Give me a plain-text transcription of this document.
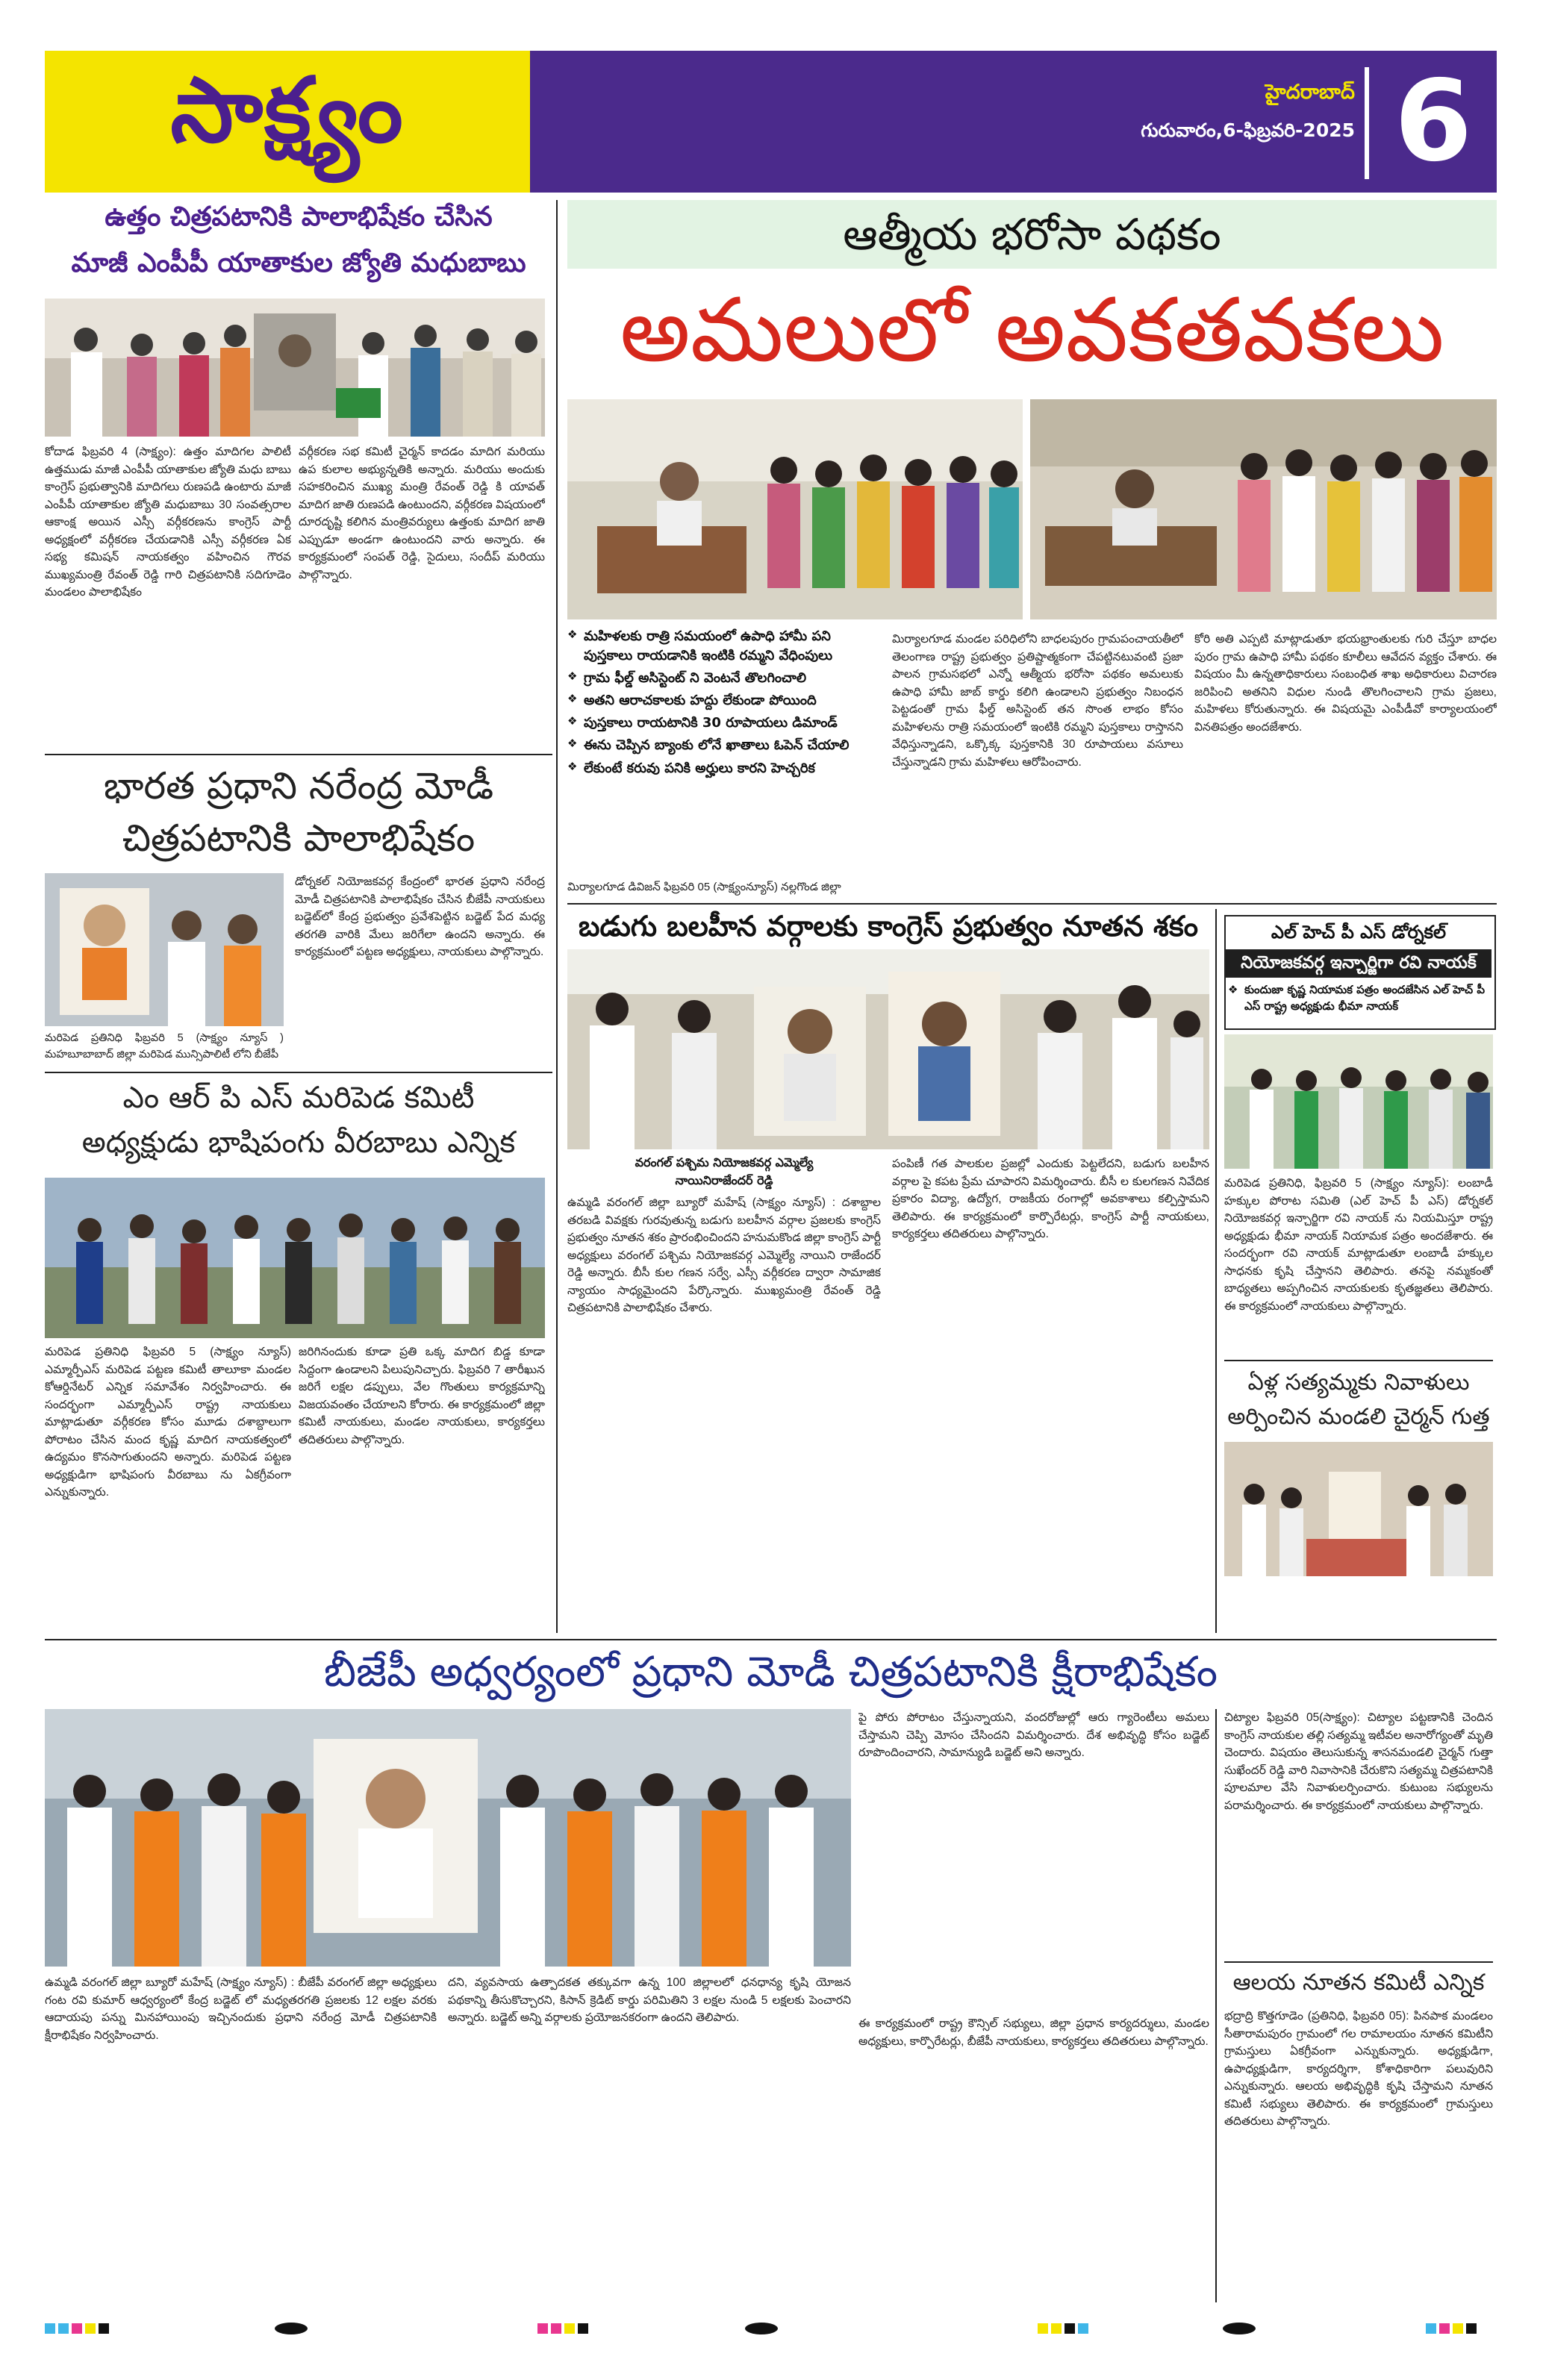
సాక్ష్యం	హైదరాబాద్
గురువారం,6-ఫిబ్రవరి-2025 6
ఉత్తం చిత్రపటానికి పాలాభిషేకం చేసిన
మాజీ ఎంపీపీ యాతాకుల జ్యోతి మధుబాబు
కోదాడ ఫిబ్రవరి 4 (సాక్ష్యం): ఉత్తం మాదిగల పాలిటీ ఉత్తముడు మాజీ ఎంపీపీ యాతాకుల జ్యోతి మధు బాబు కాంగ్రెస్ ప్రభుత్వానికి మాదిగలు రుణపడి ఉంటారు మాజీ ఎంపీపీ యాతాకుల జ్యోతి మధుబాబు 30 సంవత్సరాల ఆకాంక్ష అయిన ఎస్సీ వర్గీకరణను కాంగ్రెస్ పార్టీ అధ్యక్షంలో వర్గీకరణ చేయడానికి ఎస్సీ వర్గీకరణ ఏక సభ్య కమిషన్ నాయకత్వం వహించిన గౌరవ ముఖ్యమంత్రి రేవంత్ రెడ్డి గారి చిత్రపటానికి సదిగూడెం మండలం పాలాభిషేకం
వర్గీకరణ సభ కమిటీ చైర్మన్ కాదడం మాదిగ మరియు ఉప కులాల అభ్యున్నతికి అన్నారు. మరియు అందుకు సహకరించిన ముఖ్య మంత్రి రేవంత్ రెడ్డి కి యావత్ మాదిగ జాతి రుణపడి ఉంటుందని, వర్గీకరణ విషయంలో దూరదృష్టి కలిగిన మంత్రివర్యులు ఉత్తంకు మాదిగ జాతి ఎప్పుడూ అండగా ఉంటుందని వారు అన్నారు. ఈ కార్యక్రమంలో సంపత్ రెడ్డి, సైదులు, సందీప్ మరియు పాల్గొన్నారు.
భారత ప్రధాని నరేంద్ర మోడీ
చిత్రపటానికి పాలాభిషేకం
మరిపెడ ప్రతినిధి ఫిబ్రవరి 5 (సాక్ష్యం న్యూస్ ) మహబూబాబాద్ జిల్లా మరిపెడ మున్సిపాలిటీ లోని బీజేపీ
డోర్నకల్ నియోజకవర్గ కేంద్రంలో భారత ప్రధాని నరేంద్ర మోడీ చిత్రపటానికి పాలాభిషేకం చేసిన బీజేపీ నాయకులు బడ్జెట్‌లో కేంద్ర ప్రభుత్వం ప్రవేశపెట్టిన బడ్జెట్ పేద మధ్య తరగతి వారికి మేలు జరిగేలా ఉందని అన్నారు. ఈ కార్యక్రమంలో పట్టణ అధ్యక్షులు, నాయకులు పాల్గొన్నారు.
ఎం ఆర్ పి ఎస్ మరిపెడ కమిటీ
అధ్యక్షుడు భాషిపంగు వీరబాబు ఎన్నిక
మరిపెడ ప్రతినిధి ఫిబ్రవరి 5 (సాక్ష్యం న్యూస్) ఎమ్మార్పీఎస్ మరిపెడ పట్టణ కమిటీ తాలూకా మండల కోఆర్డినేటర్ ఎన్నిక సమావేశం నిర్వహించారు. ఈ సందర్భంగా ఎమ్మార్పీఎస్ రాష్ట్ర నాయకులు మాట్లాడుతూ వర్గీకరణ కోసం మూడు దశాబ్దాలుగా పోరాటం చేసిన మంద కృష్ణ మాదిగ నాయకత్వంలో ఉద్యమం కొనసాగుతుందని అన్నారు. మరిపెడ పట్టణ అధ్యక్షుడిగా భాషిపంగు వీరబాబు ను ఏకగ్రీవంగా ఎన్నుకున్నారు.
జరిగినందుకు కూడా ప్రతి ఒక్క మాదిగ బిడ్డ కూడా సిద్దంగా ఉండాలని పిలుపునిచ్చారు. ఫిబ్రవరి 7 తారీఖున జరిగే లక్షల డప్పులు, వేల గొంతులు కార్యక్రమాన్ని విజయవంతం చేయాలని కోరారు. ఈ కార్యక్రమంలో జిల్లా కమిటీ నాయకులు, మండల నాయకులు, కార్యకర్తలు తదితరులు పాల్గొన్నారు.
ఆత్మీయ భరోసా పథకం
అమలులో అవకతవకలు
❖ మహిళలకు రాత్రి సమయంలో ఉపాధి హామీ పని పుస్తకాలు రాయడానికి ఇంటికి రమ్మని వేధింపులు
❖ గ్రామ ఫీల్డ్ అసిస్టెంట్ ని వెంటనే తొలగించాలి
❖ అతని ఆరాచకాలకు హద్దు లేకుండా పోయింది
❖ పుస్తకాలు రాయటానికి 30 రూపాయలు డిమాండ్
❖ ఈను చెప్పిన బ్యాంకు లోనే ఖాతాలు ఓపెన్ చేయాలి
❖ లేకుంటే కరువు పనికి అర్హులు కారని హెచ్చరిక
మిర్యాలగూడ డివిజన్ ఫిబ్రవరి 05 (సాక్ష్యంన్యూస్) నల్లగొండ జిల్లా
మిర్యాలగూడ మండల పరిధిలోని బాధలపురం గ్రామపంచాయతీలో తెలంగాణ రాష్ట్ర ప్రభుత్వం ప్రతిష్టాత్మకంగా చేపట్టినటువంటి ప్రజా పాలన గ్రామసభలో ఎన్నో ఆత్మీయ భరోసా పథకం అమలుకు ఉపాధి హామీ జాబ్ కార్డు కలిగి ఉండాలని ప్రభుత్వం నిబంధన పెట్టడంతో గ్రామ ఫీల్డ్ అసిస్టెంట్ తన సొంత లాభం కోసం మహిళలను రాత్రి సమయంలో ఇంటికి రమ్మని పుస్తకాలు రాస్తానని వేధిస్తున్నాడని, ఒక్కొక్క పుస్తకానికి 30 రూపాయలు వసూలు చేస్తున్నాడని గ్రామ మహిళలు ఆరోపించారు.
కోరి అతి ఎప్పటి మాట్లాడుతూ భయభ్రాంతులకు గురి చేస్తూ బాధల పురం గ్రామ ఉపాధి హామీ పథకం కూలీలు ఆవేదన వ్యక్తం చేశారు. ఈ విషయం మీ ఉన్నతాధికారులు సంబంధిత శాఖ అధికారులు విచారణ జరిపించి అతనిని విధుల నుండి తొలగించాలని గ్రామ ప్రజలు, మహిళలు కోరుతున్నారు. ఈ విషయమై ఎంపీడీవో కార్యాలయంలో వినతిపత్రం అందజేశారు.
బడుగు బలహీన వర్గాలకు కాంగ్రెస్ ప్రభుత్వం నూతన శకం
వరంగల్ పశ్చిమ నియోజకవర్గ ఎమ్మెల్యే
నాయినిరాజేందర్ రెడ్డి
ఉమ్మడి వరంగల్ జిల్లా బ్యూరో మహేష్ (సాక్ష్యం న్యూస్) : దశాబ్దాల తరబడి వివక్షకు గురవుతున్న బడుగు బలహీన వర్గాల ప్రజలకు కాంగ్రెస్ ప్రభుత్వం నూతన శకం ప్రారంభించిందని హనుమకొండ జిల్లా కాంగ్రెస్ పార్టీ అధ్యక్షులు వరంగల్ పశ్చిమ నియోజకవర్గ ఎమ్మెల్యే నాయిని రాజేందర్ రెడ్డి అన్నారు. బీసీ కుల గణన సర్వే, ఎస్సీ వర్గీకరణ ద్వారా సామాజిక న్యాయం సాధ్యమైందని పేర్కొన్నారు. ముఖ్యమంత్రి రేవంత్ రెడ్డి చిత్రపటానికి పాలాభిషేకం చేశారు.
పంపిణీ గత పాలకుల ప్రజల్లో ఎందుకు పెట్టలేదని, బడుగు బలహీన వర్గాల పై కపట ప్రేమ చూపారని విమర్శించారు. బీసీ ల కులగణన నివేదిక ప్రకారం విద్యా, ఉద్యోగ, రాజకీయ రంగాల్లో అవకాశాలు కల్పిస్తామని తెలిపారు. ఈ కార్యక్రమంలో కార్పొరేటర్లు, కాంగ్రెస్ పార్టీ నాయకులు, కార్యకర్తలు తదితరులు పాల్గొన్నారు.
ఎల్ హెచ్ పీ ఎస్ డోర్నకల్
నియోజకవర్గ ఇన్చార్జిగా రవి నాయక్
❖ కుందుజా కృష్ణ నియామక పత్రం అందజేసిన ఎల్ హెచ్ పీ ఎస్ రాష్ట్ర అధ్యక్షుడు భీమా నాయక్
మరిపెడ ప్రతినిధి, ఫిబ్రవరి 5 (సాక్ష్యం న్యూస్): లంబాడీ హక్కుల పోరాట సమితి (ఎల్ హెచ్ పీ ఎస్) డోర్నకల్ నియోజకవర్గ ఇన్చార్జిగా రవి నాయక్ ను నియమిస్తూ రాష్ట్ర అధ్యక్షుడు భీమా నాయక్ నియామక పత్రం అందజేశారు. ఈ సందర్భంగా రవి నాయక్ మాట్లాడుతూ లంబాడీ హక్కుల సాధనకు కృషి చేస్తానని తెలిపారు. తనపై నమ్మకంతో బాధ్యతలు అప్పగించిన నాయకులకు కృతజ్ఞతలు తెలిపారు. ఈ కార్యక్రమంలో నాయకులు పాల్గొన్నారు.
ఏళ్ల సత్యమ్మకు నివాళులు
అర్పించిన మండలి చైర్మన్ గుత్త
బీజేపీ అధ్వర్యంలో ప్రధాని మోడీ చిత్రపటానికి క్షీరాభిషేకం
ఉమ్మడి వరంగల్ జిల్లా బ్యూరో మహేష్ (సాక్ష్యం న్యూస్) : బీజేపీ వరంగల్ జిల్లా అధ్యక్షులు గంట రవి కుమార్ ఆధ్వర్యంలో కేంద్ర బడ్జెట్ లో మధ్యతరగతి ప్రజలకు 12 లక్షల వరకు ఆదాయపు పన్ను మినహాయింపు ఇచ్చినందుకు ప్రధాని నరేంద్ర మోడీ చిత్రపటానికి క్షీరాభిషేకం నిర్వహించారు.
దని, వ్యవసాయ ఉత్పాదకత తక్కువగా ఉన్న 100 జిల్లాలలో ధనధాన్య కృషి యోజన పథకాన్ని తీసుకొచ్చారని, కిసాన్ క్రెడిట్ కార్డు పరిమితిని 3 లక్షల నుండి 5 లక్షలకు పెంచారని అన్నారు. బడ్జెట్ అన్ని వర్గాలకు ప్రయోజనకరంగా ఉందని తెలిపారు.
పై పోరు పోరాటం చేస్తున్నాయని, వందరోజుల్లో ఆరు గ్యారెంటీలు అమలు చేస్తామని చెప్పి మోసం చేసిందని విమర్శించారు. దేశ అభివృద్ధి కోసం బడ్జెట్ రూపొందించారని, సామాన్యుడి బడ్జెట్ అని అన్నారు.
ఈ కార్యక్రమంలో రాష్ట్ర కౌన్సిల్ సభ్యులు, జిల్లా ప్రధాన కార్యదర్శులు, మండల అధ్యక్షులు, కార్పొరేటర్లు, బీజేపీ నాయకులు, కార్యకర్తలు తదితరులు పాల్గొన్నారు.
చిట్యాల ఫిబ్రవరి 05(సాక్ష్యం): చిట్యాల పట్టణానికి చెందిన కాంగ్రెస్ నాయకుల తల్లి సత్యమ్మ ఇటీవల అనారోగ్యంతో మృతి చెందారు. విషయం తెలుసుకున్న శాసనమండలి చైర్మన్ గుత్తా సుఖేందర్ రెడ్డి వారి నివాసానికి చేరుకొని సత్యమ్మ చిత్రపటానికి పూలమాల వేసి నివాళులర్పించారు. కుటుంబ సభ్యులను పరామర్శించారు. ఈ కార్యక్రమంలో నాయకులు పాల్గొన్నారు.
ఆలయ నూతన కమిటీ ఎన్నిక
భద్రాద్రి కొత్తగూడెం (ప్రతినిధి, ఫిబ్రవరి 05): పినపాక మండలం సీతారామపురం గ్రామంలో గల రామాలయం నూతన కమిటీని గ్రామస్తులు ఏకగ్రీవంగా ఎన్నుకున్నారు. అధ్యక్షుడిగా, ఉపాధ్యక్షుడిగా, కార్యదర్శిగా, కోశాధికారిగా పలువురిని ఎన్నుకున్నారు. ఆలయ అభివృద్ధికి కృషి చేస్తామని నూతన కమిటీ సభ్యులు తెలిపారు. ఈ కార్యక్రమంలో గ్రామస్తులు తదితరులు పాల్గొన్నారు.
